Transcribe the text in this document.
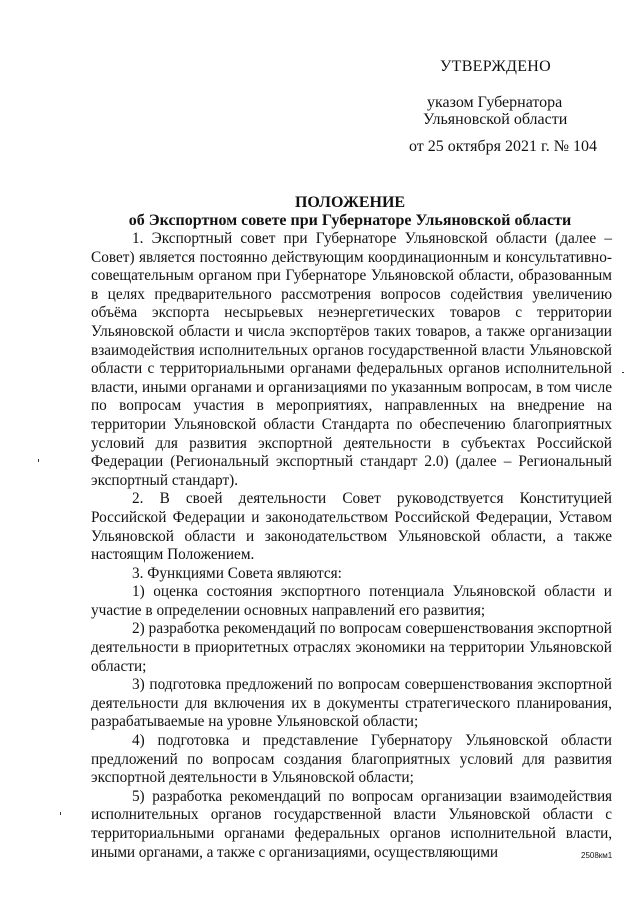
УТВЕРЖДЕНО
указом Губернатора
Ульяновской области
от 25 октября 2021 г. № 104
ПОЛОЖЕНИЕ
об Экспортном совете при Губернаторе Ульяновской области

1. Экспортный совет при Губернаторе Ульяновской области (далее – Совет) является постоянно действующим координационным и консультативно-совещательным органом при Губернаторе Ульяновской области, образованным в целях предварительного рассмотрения вопросов содействия увеличению объёма экспорта несырьевых неэнергетических товаров с территории Ульяновской области и числа экспортёров таких товаров, а также организации взаимодействия исполнительных органов государственной власти Ульяновской области с территориальными органами федеральных органов исполнительной власти, иными органами и организациями по указанным вопросам, в том числе по вопросам участия в мероприятиях, направленных на внедрение на территории Ульяновской области Стандарта по обеспечению благоприятных условий для развития экспортной деятельности в субъектах Российской Федерации (Региональный экспортный стандарт 2.0) (далее – Региональный экспортный стандарт).

2. В своей деятельности Совет руководствуется Конституцией Российской Федерации и законодательством Российской Федерации, Уставом Ульяновской области и законодательством Ульяновской области, а также настоящим Положением.

3. Функциями Совета являются:

1) оценка состояния экспортного потенциала Ульяновской области и участие в определении основных направлений его развития;

2) разработка рекомендаций по вопросам совершенствования экспортной деятельности в приоритетных отраслях экономики на территории Ульяновской области;

3) подготовка предложений по вопросам совершенствования экспортной деятельности для включения их в документы стратегического планирования, разрабатываемые на уровне Ульяновской области;

4) подготовка и представление Губернатору Ульяновской области предложений по вопросам создания благоприятных условий для развития экспортной деятельности в Ульяновской области;

5) разработка рекомендаций по вопросам организации взаимодействия исполнительных органов государственной власти Ульяновской области с территориальными органами федеральных органов исполнительной власти, иными органами, а также с организациями, осуществляющими	2508км1
